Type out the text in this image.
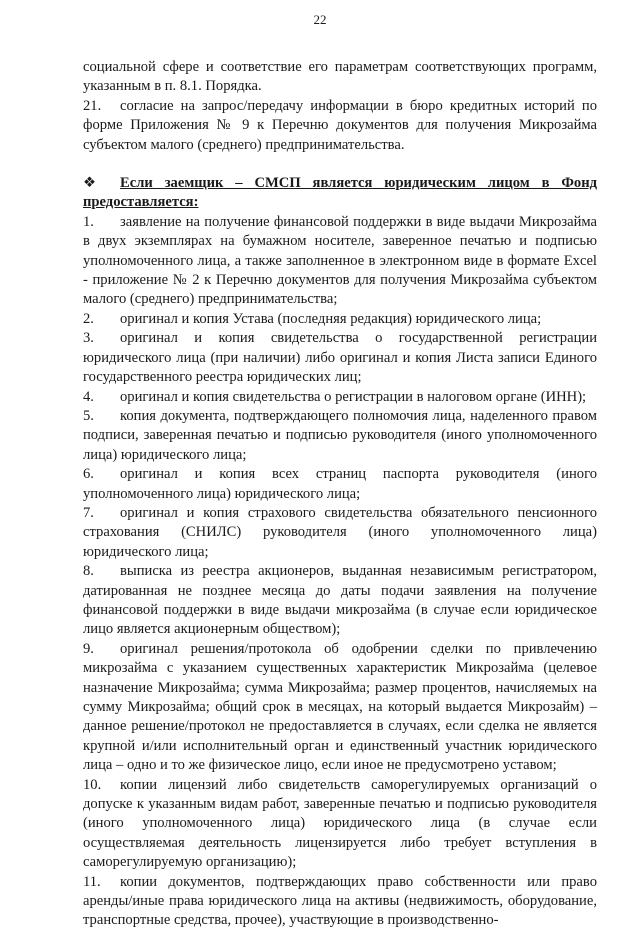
22

социальной сфере и соответствие его параметрам соответствующих программ, указанным в п. 8.1. Порядка.

21. согласие на запрос/передачу информации в бюро кредитных историй по форме Приложения № 9 к Перечню документов для получения Микрозайма субъектом малого (среднего) предпринимательства.

❖ Если заемщик – СМСП является юридическим лицом в Фонд предоставляется:

1. заявление на получение финансовой поддержки в виде выдачи Микрозайма в двух экземплярах на бумажном носителе, заверенное печатью и подписью уполномоченного лица, а также заполненное в электронном виде в формате Excel - приложение № 2 к Перечню документов для получения Микрозайма субъектом малого (среднего) предпринимательства;

2. оригинал и копия Устава (последняя редакция) юридического лица;

3. оригинал и копия свидетельства о государственной регистрации юридического лица (при наличии) либо оригинал и копия Листа записи Единого государственного реестра юридических лиц;

4. оригинал и копия свидетельства о регистрации в налоговом органе (ИНН);

5. копия документа, подтверждающего полномочия лица, наделенного правом подписи, заверенная печатью и подписью руководителя (иного уполномоченного лица) юридического лица;

6. оригинал и копия всех страниц паспорта руководителя (иного уполномоченного лица) юридического лица;

7. оригинал и копия страхового свидетельства обязательного пенсионного страхования (СНИЛС) руководителя (иного уполномоченного лица) юридического лица;

8. выписка из реестра акционеров, выданная независимым регистратором, датированная не позднее месяца до даты подачи заявления на получение финансовой поддержки в виде выдачи микрозайма (в случае если юридическое лицо является акционерным обществом);

9. оригинал решения/протокола об одобрении сделки по привлечению микрозайма с указанием существенных характеристик Микрозайма (целевое назначение Микрозайма; сумма Микрозайма; размер процентов, начисляемых на сумму Микрозайма; общий срок в месяцах, на который выдается Микрозайм) – данное решение/протокол не предоставляется в случаях, если сделка не является крупной и/или исполнительный орган и единственный участник юридического лица – одно и то же физическое лицо, если иное не предусмотрено уставом;

10. копии лицензий либо свидетельств саморегулируемых организаций о допуске к указанным видам работ, заверенные печатью и подписью руководителя (иного уполномоченного лица) юридического лица (в случае если осуществляемая деятельность лицензируется либо требует вступления в саморегулируемую организацию);

11. копии документов, подтверждающих право собственности или право аренды/иные права юридического лица на активы (недвижимость, оборудование, транспортные средства, прочее), участвующие в производственно-
